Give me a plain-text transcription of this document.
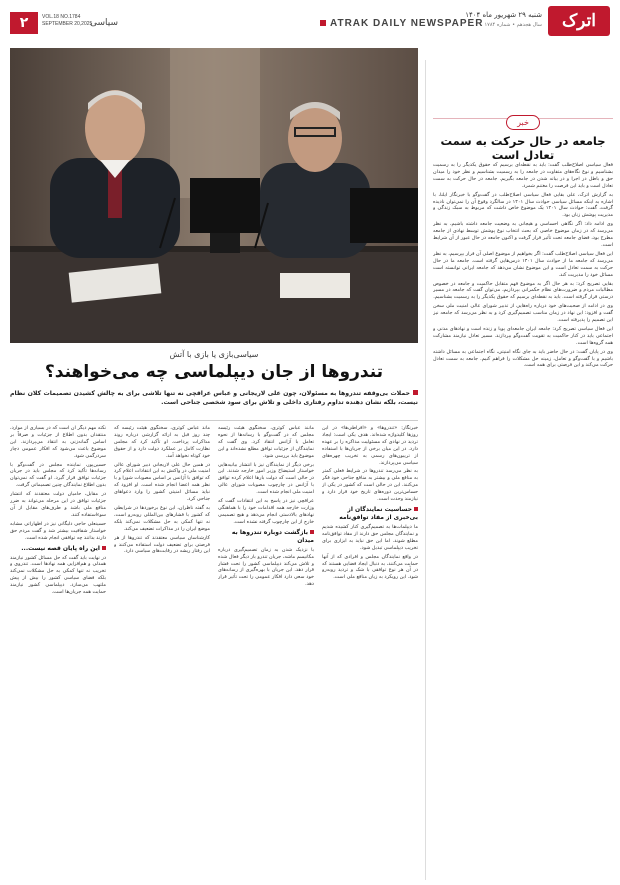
۲	VOL.18 NO.1784
SEPTEMBER 20,2025
سیاسی	ATRAK DAILY NEWSPAPER
شنبه ۲۹ شهریور ماه ۱۴۰۴
سال هجدهم • شماره ۱۷۸۴	اترک
خبر
جامعه در حال حرکت به سمت تعادل است

فعال سیاسی اصلاح‌طلب گفت: باید به نقطه‌ای برسیم که حقوق یکدیگر را به رسمیت بشناسیم و نوع نگاه‌های متفاوت در جامعه را به رسمیت بشناسیم و نظر خود را میدان حق و باطل در اجرا و در بیانه شدن در جامعه بگیریم. جامعه در حال حرکت به سمت تعادل است و باید این فرصت را مغتنم شمرد.

به گزارش اترک، علی بقایی فعال سیاسی اصلاح‌طلب در گفت‌وگو با خبرنگار ایلنا، با اشاره به اینکه مسائل سیاسی حوادث سال ۱۴۰۱ در سالگرد وقوع آن را نمی‌توان نادیده گرفت، گفت: حوادث سال ۱۴۰۱ یک موضوع خاص داشت که مربوط به سبک زندگی و مدیریت پوشش زنان بود.

وی ادامه داد: اگر نگاهی احساسی و هیجانی به وضعیت جامعه داشته باشیم، به نظر می‌رسد که در زمان موضوع خاصی که بحث انتخاب نوع پوشش توسط نهادی از جامعه مطرح بود، فضای جامعه تحت تأثیر قرار گرفت و اکنون جامعه در حال عبور از آن شرایط است.

این فعال سیاسی اصلاح‌طلب گفت: اگر بخواهیم از موضوع اصلی آن فرار بپرسیم، به نظر می‌رسد که جامعه ما از حوادث سال ۱۴۰۱ درس‌هایی گرفته است. جامعه ما در حال حرکت به سمت تعادل است و این موضوع نشان می‌دهد که جامعه ایرانی توانسته است مسائل خود را مدیریت کند.

بقایی تصریح کرد: به هر حال اگر به موضوع فهم متقابل حاکمیت و جامعه در خصوص مطالبات مردم و ضرورت‌های نظام حکمرانی بپردازیم، می‌توان گفت که جامعه در مسیر درستی قرار گرفته است. باید به نقطه‌ای برسیم که حقوق یکدیگر را به رسمیت بشناسیم.

وی در ادامه از صحبت‌های خود درباره راه‌هایی از تدبیر شورای عالی امنیت ملی سخن گفت و افزود: این نهاد در زمان مناسب تصمیم‌گیری کرد و به نظر می‌رسد که جامعه نیز این تصمیم را پذیرفته است.

این فعال سیاسی تصریح کرد: جامعه ایران جامعه‌ای پویا و زنده است و نهادهای مدنی و اجتماعی باید در کنار حاکمیت به تقویت گفت‌وگو بپردازند. مسیر تعادل نیازمند مشارکت همه گروه‌ها است.

وی در پایان گفت: در حال حاضر باید به جای نگاه امنیتی، نگاه اجتماعی به مسائل داشته باشیم و با گفت‌وگو و تعامل، زمینه حل مشکلات را فراهم کنیم. جامعه به سمت تعادل حرکت می‌کند و این فرصتی برای همه است.

سیاسی‌بازی یا بازی با آتش
تندروها از جان دیپلماسی چه می‌خواهند؟
حملات بی‌وقفه تندروها به مسئولان، چون علی لاریجانی و عباس عراقچی نه تنها تلاشی برای به چالش کشیدن تصمیمات کلان نظام نیست، بلکه نشان دهنده تداوم رفتاری داخلی و تلاش برای سود شخصی جناحی است.

خبرنگار: «تندروها» و «افراطی‌ها» در این روزها کلیدواژه شده‌اند. هدف یکی است: ایجاد تردید در نهادی که مسئولیت مذاکره را بر عهده دارد. در این میان برخی از جریان‌ها با استفاده از تریبون‌های رسمی به تخریب چهره‌های سیاسی می‌پردازند.

به نظر می‌رسد تندروها در شرایط فعلی کمتر به منافع ملی و بیشتر به منافع جناحی خود فکر می‌کنند. این در حالی است که کشور در یکی از حساس‌ترین دوره‌های تاریخ خود قرار دارد و نیازمند وحدت است.

حساسیت نمایندگان از بی‌خبری از مفاد توافق‌نامه

ما دیپلمات‌ها به تصمیم‌گیری کنار کشیده شدیم و نمایندگان مجلس حق دارند از مفاد توافق‌نامه مطلع شوند. اما این حق نباید به ابزاری برای تخریب دیپلماسی تبدیل شود.

در واقع نمایندگان مجلس و افرادی که از آنها حمایت می‌کنند، به دنبال ایجاد فضایی هستند که در آن هر نوع توافقی با شک و تردید روبه‌رو شود. این رویکرد به زیان منافع ملی است.

مانند عباس کوثری، سخنگوی هیئت رئیسه مجلس که در گفت‌وگو با رسانه‌ها از نحوه تعامل با آژانس انتقاد کرد. وی گفت که نمایندگان از جزئیات توافق مطلع نشده‌اند و این موضوع باید بررسی شود.

برخی دیگر از نمایندگان نیز با انتشار بیانیه‌هایی خواستار استیضاح وزیر امور خارجه شدند. این در حالی است که دولت بارها اعلام کرده توافق با آژانس در چارچوب مصوبات شورای عالی امنیت ملی انجام شده است.

عراقچی نیز در پاسخ به این انتقادات گفت که وزارت خارجه همه اقدامات خود را با هماهنگی نهادهای بالادستی انجام می‌دهد و هیچ تصمیمی خارج از این چارچوب گرفته نشده است.

بازگشت دوباره تندروها به میدان

با نزدیک شدن به زمان تصمیم‌گیری درباره مکانیسم ماشه، جریان تندرو بار دیگر فعال شده و تلاش می‌کند دیپلماسی کشور را تحت فشار قرار دهد. این جریان با بهره‌گیری از رسانه‌های خود سعی دارد افکار عمومی را تحت تأثیر قرار دهد.

ماند عباس کوثری، سخنگوی هیئت رئیسه که چند روز قبل به ارائه گزارشی درباره روند مذاکرات پرداخت. او تأکید کرد که مجلس نظارت کامل بر عملکرد دولت دارد و از حقوق خود کوتاه نخواهد آمد.

در همین حال علی لاریجانی دبیر شورای عالی امنیت ملی در واکنش به این انتقادات اعلام کرد که توافق با آژانس بر اساس مصوبات شورا و با نظر همه اعضا انجام شده است. او افزود که نباید مسائل امنیتی کشور را وارد دعواهای جناحی کرد.

به گفته ناظران، این نوع برخوردها در شرایطی که کشور با فشارهای بین‌المللی روبه‌رو است، نه تنها کمکی به حل مشکلات نمی‌کند بلکه موضع ایران را در مذاکرات تضعیف می‌کند.

کارشناسان سیاسی معتقدند که تندروها از هر فرصتی برای تضعیف دولت استفاده می‌کنند و این رفتار ریشه در رقابت‌های سیاسی دارد.

نکته مهم دیگر آن است که در بسیاری از موارد، منتقدان بدون اطلاع از جزئیات و صرفاً بر اساس گمانه‌زنی به انتقاد می‌پردازند. این موضوع باعث می‌شود که افکار عمومی دچار سردرگمی شود.

حسین‌پور، نماینده مجلس در گفت‌وگو با رسانه‌ها تأکید کرد که مجلس باید در جریان جزئیات توافق قرار گیرد. او گفت که نمی‌توان بدون اطلاع نمایندگان چنین تصمیماتی گرفت.

در مقابل، حامیان دولت معتقدند که انتشار جزئیات توافق در این مرحله می‌تواند به ضرر منافع ملی باشد و طرف‌های مقابل از آن سوءاستفاده کنند.

حسینعلی حاجی دلیگانی نیز در اظهاراتی مشابه خواستار شفافیت بیشتر شد و گفت مردم حق دارند بدانند چه توافقی انجام شده است.

این راه پایان قصه نیست...

در نهایت باید گفت که حل مسائل کشور نیازمند همدلی و هم‌افزایی همه نهادها است. تندروی و تخریب نه تنها کمکی به حل مشکلات نمی‌کند بلکه فضای سیاسی کشور را بیش از پیش ملتهب می‌سازد. دیپلماسی کشور نیازمند حمایت همه جریان‌ها است.
